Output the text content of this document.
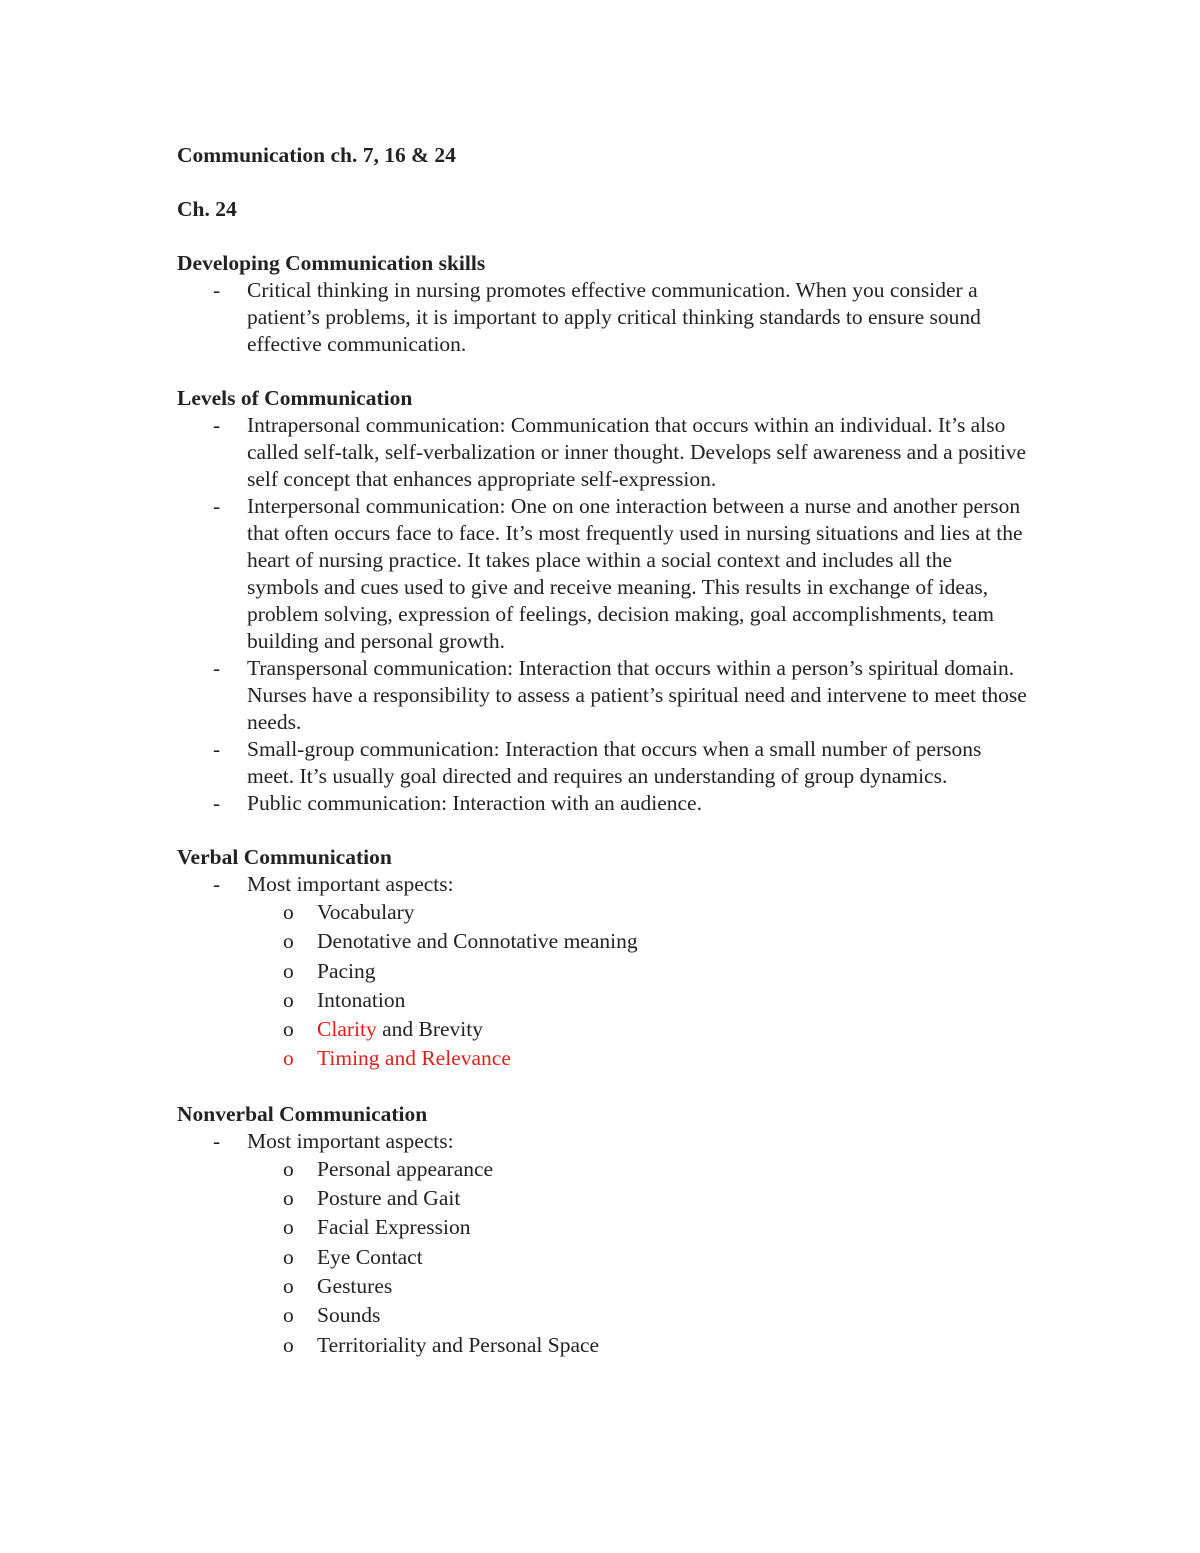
Communication ch. 7, 16 & 24

Ch. 24

Developing Communication skills

- Critical thinking in nursing promotes effective communication. When you consider a patient’s problems, it is important to apply critical thinking standards to ensure sound effective communication.

Levels of Communication

- Intrapersonal communication: Communication that occurs within an individual. It’s also called self-talk, self-verbalization or inner thought. Develops self awareness and a positive self concept that enhances appropriate self-expression.
- Interpersonal communication: One on one interaction between a nurse and another person that often occurs face to face. It’s most frequently used in nursing situations and lies at the heart of nursing practice. It takes place within a social context and includes all the symbols and cues used to give and receive meaning. This results in exchange of ideas, problem solving, expression of feelings, decision making, goal accomplishments, team building and personal growth.
- Transpersonal communication: Interaction that occurs within a person’s spiritual domain. Nurses have a responsibility to assess a patient’s spiritual need and intervene to meet those needs.
- Small-group communication: Interaction that occurs when a small number of persons meet. It’s usually goal directed and requires an understanding of group dynamics.
- Public communication: Interaction with an audience.

Verbal Communication

- Most important aspects:
o Vocabulary
o Denotative and Connotative meaning
o Pacing
o Intonation
o Clarity and Brevity
o Timing and Relevance

Nonverbal Communication

- Most important aspects:
o Personal appearance
o Posture and Gait
o Facial Expression
o Eye Contact
o Gestures
o Sounds
o Territoriality and Personal Space
